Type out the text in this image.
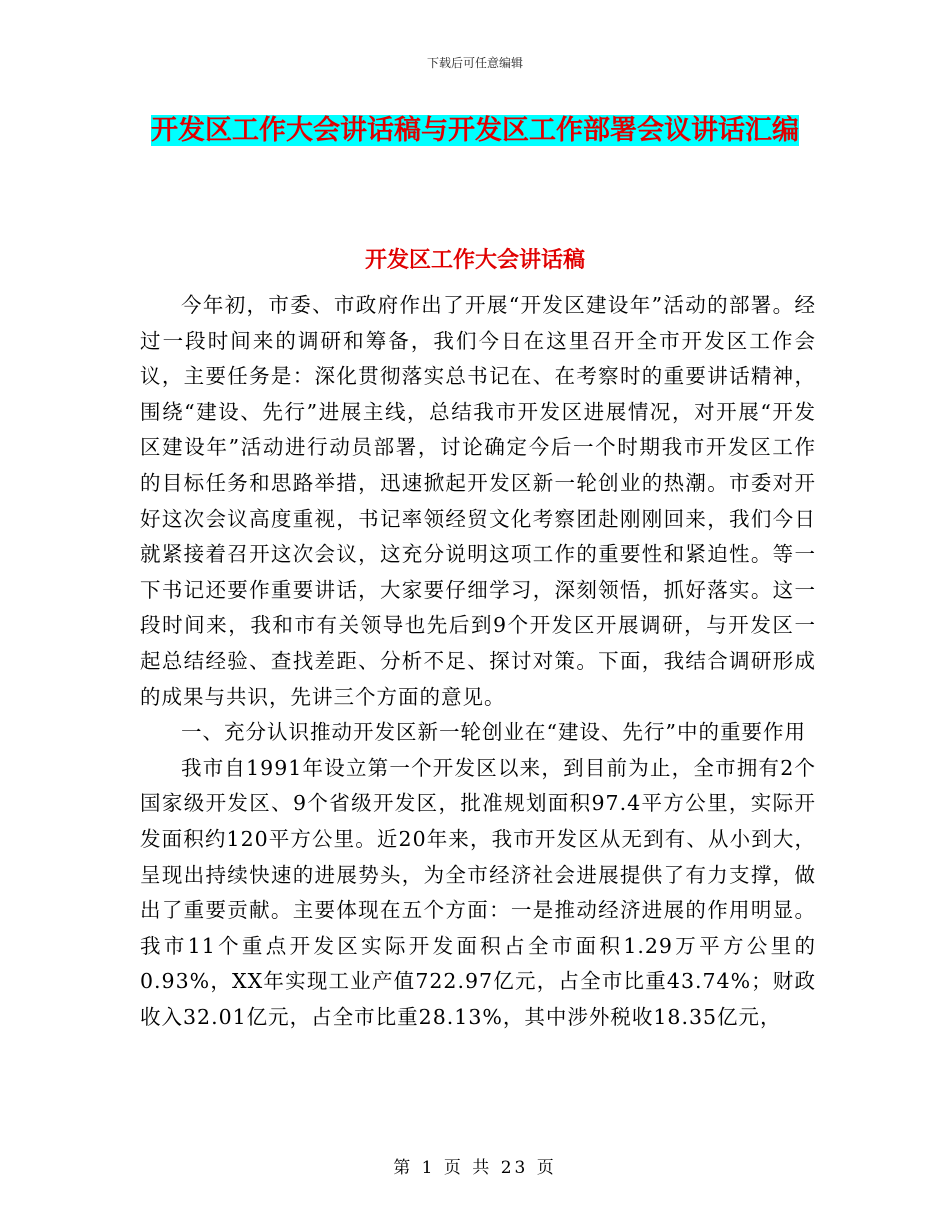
下载后可任意编辑
开发区工作大会讲话稿与开发区工作部署会议讲话汇编
开发区工作大会讲话稿

今年初，市委、市政府作出了开展“开发区建设年”活动的部署。经过一段时间来的调研和筹备，我们今日在这里召开全市开发区工作会议，主要任务是：深化贯彻落实总书记在、在考察时的重要讲话精神，围绕“建设、先行”进展主线，总结我市开发区进展情况，对开展“开发区建设年”活动进行动员部署，讨论确定今后一个时期我市开发区工作的目标任务和思路举措，迅速掀起开发区新一轮创业的热潮。市委对开好这次会议高度重视，书记率领经贸文化考察团赴刚刚回来，我们今日就紧接着召开这次会议，这充分说明这项工作的重要性和紧迫性。等一下书记还要作重要讲话，大家要仔细学习，深刻领悟，抓好落实。这一段时间来，我和市有关领导也先后到9个开发区开展调研，与开发区一起总结经验、查找差距、分析不足、探讨对策。下面，我结合调研形成的成果与共识，先讲三个方面的意见。

一、充分认识推动开发区新一轮创业在“建设、先行”中的重要作用

我市自1991年设立第一个开发区以来，到目前为止，全市拥有2个国家级开发区、9个省级开发区，批准规划面积97.4平方公里，实际开发面积约120平方公里。近20年来，我市开发区从无到有、从小到大，呈现出持续快速的进展势头，为全市经济社会进展提供了有力支撑，做出了重要贡献。主要体现在五个方面：一是推动经济进展的作用明显。我市11个重点开发区实际开发面积占全市面积1.29万平方公里的0.93%，XX年实现工业产值722.97亿元，占全市比重43.74%；财政收入32.01亿元，占全市比重28.13%，其中涉外税收18.35亿元，

第 1 页 共 23 页
